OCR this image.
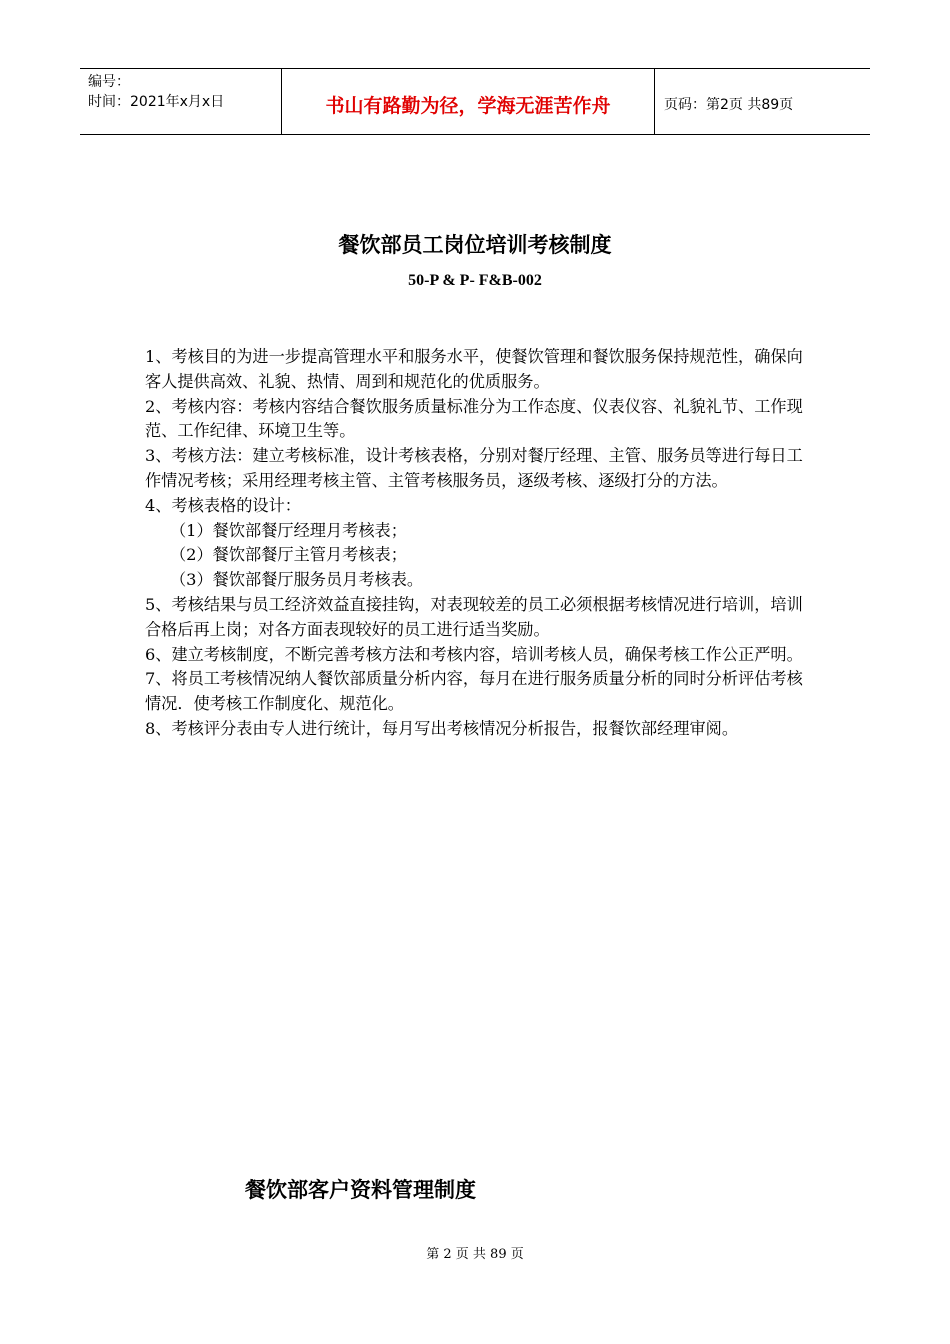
编号：
时间：2021年x月x日	书山有路勤为径，学海无涯苦作舟	页码：第2页 共89页
餐饮部员工岗位培训考核制度
50-P & P- F&B-002

1、考核目的为进一步提高管理水平和服务水平，使餐饮管理和餐饮服务保持规范性，确保向客人提供高效、礼貌、热情、周到和规范化的优质服务。

2、考核内容：考核内容结合餐饮服务质量标准分为工作态度、仪表仪容、礼貌礼节、工作现范、工作纪律、环境卫生等。

3、考核方法：建立考核标准，设计考核表格，分别对餐厅经理、主管、服务员等进行每日工作情况考核；采用经理考核主管、主管考核服务员，逐级考核、逐级打分的方法。

4、考核表格的设计：

（1）餐饮部餐厅经理月考核表；

（2）餐饮部餐厅主管月考核表；

（3）餐饮部餐厅服务员月考核表。

5、考核结果与员工经济效益直接挂钩，对表现较差的员工必须根据考核情况进行培训，培训合格后再上岗；对各方面表现较好的员工进行适当奖励。

6、建立考核制度，不断完善考核方法和考核内容，培训考核人员，确保考核工作公正严明。

7、将员工考核情况纳人餐饮部质量分析内容，每月在进行服务质量分析的同时分析评估考核情况．使考核工作制度化、规范化。

8、考核评分表由专人进行统计，每月写出考核情况分析报告，报餐饮部经理审阅。

餐饮部客户资料管理制度
第 2 页 共 89 页
